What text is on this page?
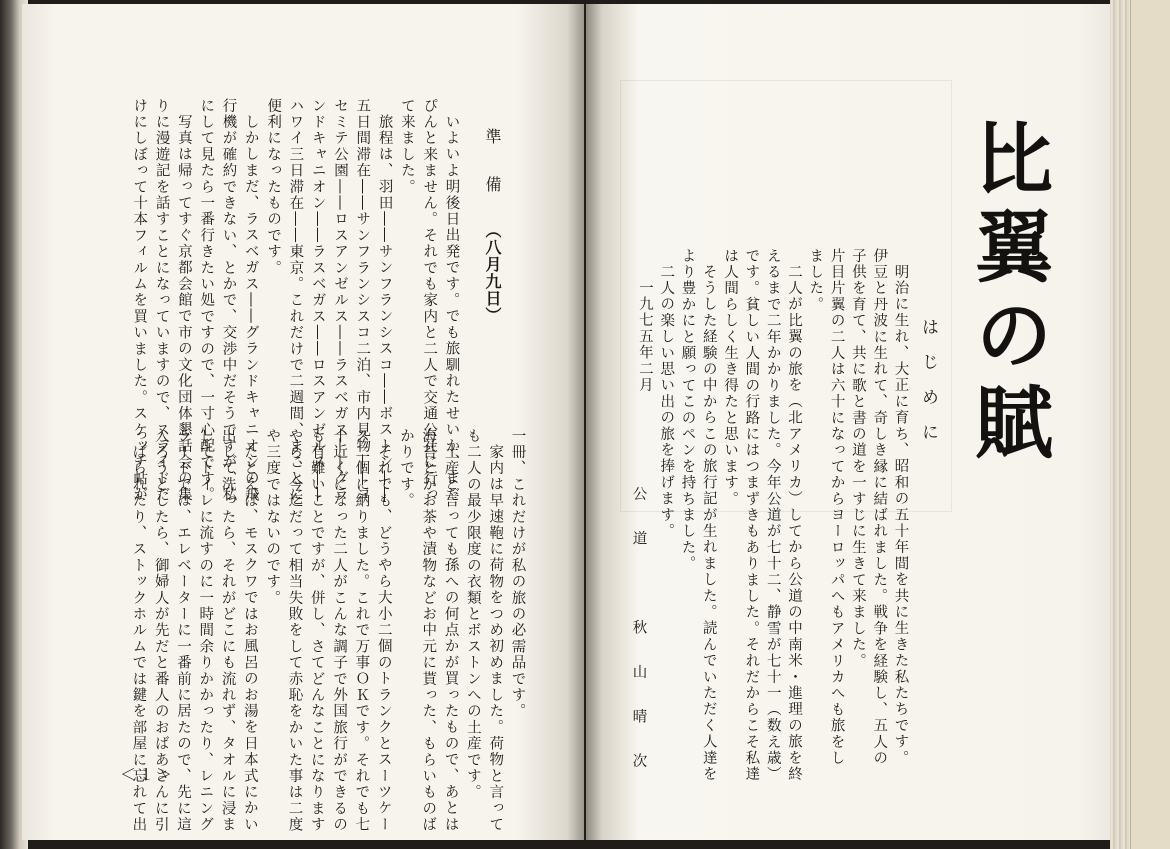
準　　備
（八月九日）
いよいよ明後日出発です。でも旅馴れたせいか、まだ
ぴんと来ません。それでも家内と二人で交通公社に行っ
て来ました。
旅程は、羽田――サンフランシスコ――ボストン――
五日間滞在――サンフランシスコ二泊、市内見物――ヨ
セミテ公園――ロスアンゼルス――ラスベガス――グラ
ンドキャニオン――ラスベガス――ロスアンゼルス――
ハワイ三日滞在――東京。これだけで二週間、まことに
便利になったものです。
しかしまだ、ラスベガス――グランドキャニオンの飛
行機が確約できない、とかで、交渉中だそうですが、私
にして見たら一番行きたい処ですので、一寸心配です。
写真は帰ってすぐ京都会館で市の文化団体懇話会の集
りに漫遊記を話すことになっていますので、スライドだ
けにしぼって十本フィルムを買いました。スケッチ帖が
一冊、これだけが私の旅の必需品です。
家内は早速鞄に荷物をつめ初めました。荷物と言って
も二人の最少限度の衣類とボストンへの土産です。
土産と言っても孫への何点かが買ったもので、あとは
海苔とかお茶や漬物などお中元に貰った、もらいものば
かりです。
それでも、どうやら大小二個のトランクとスーツケー
ス二個に納りました。これで万事ＯＫです。それでも七
十近くになった二人がこんな調子で外国旅行ができるの
も有難いことですが、併し、さてどんなことになります
やら、今迄だって相当失敗をして赤恥をかいた事は二度
や三度ではないのです。
たとえば、モスクワではお風呂のお湯を日本式にかい
出して洗ったら、それがどこにも流れず、タオルに浸ま
してトイレに流すのに一時間余りかかったり、レニング
ラードでは、エレベーターに一番前に居たので、先に這
入ろうとしたら、御婦人が先だと番人のおばあさんに引
っぱられたり、ストックホルムでは鍵を部屋に忘れて出
＜１＞
比翼の賦
はじめに
明治に生れ、大正に育ち、昭和の五十年間を共に生きた私たちです。
伊豆と丹波に生れて、奇しき縁に結ばれました。戦争を経験し、五人の
子供を育て、共に歌と書の道を一すじに生きて来ました。
片目片翼の二人は六十になってからヨーロッパへもアメリカへも旅をし
ました。
二人が比翼の旅を（北アメリカ）してから公道の中南米・進理の旅を終
えるまで二年かかりました。今年公道が七十二、静雪が七十一（数え歳）
です。貧しい人間の行路にはつまずきもありました。それだからこそ私達
は人間らしく生き得たと思います。
そうした経験の中からこの旅行記が生れました。読んでいただく人達を
より豊かにと願ってこのペンを持ちました。
二人の楽しい思い出の旅を捧げます。
一九七五年二月
公道　秋山晴次
